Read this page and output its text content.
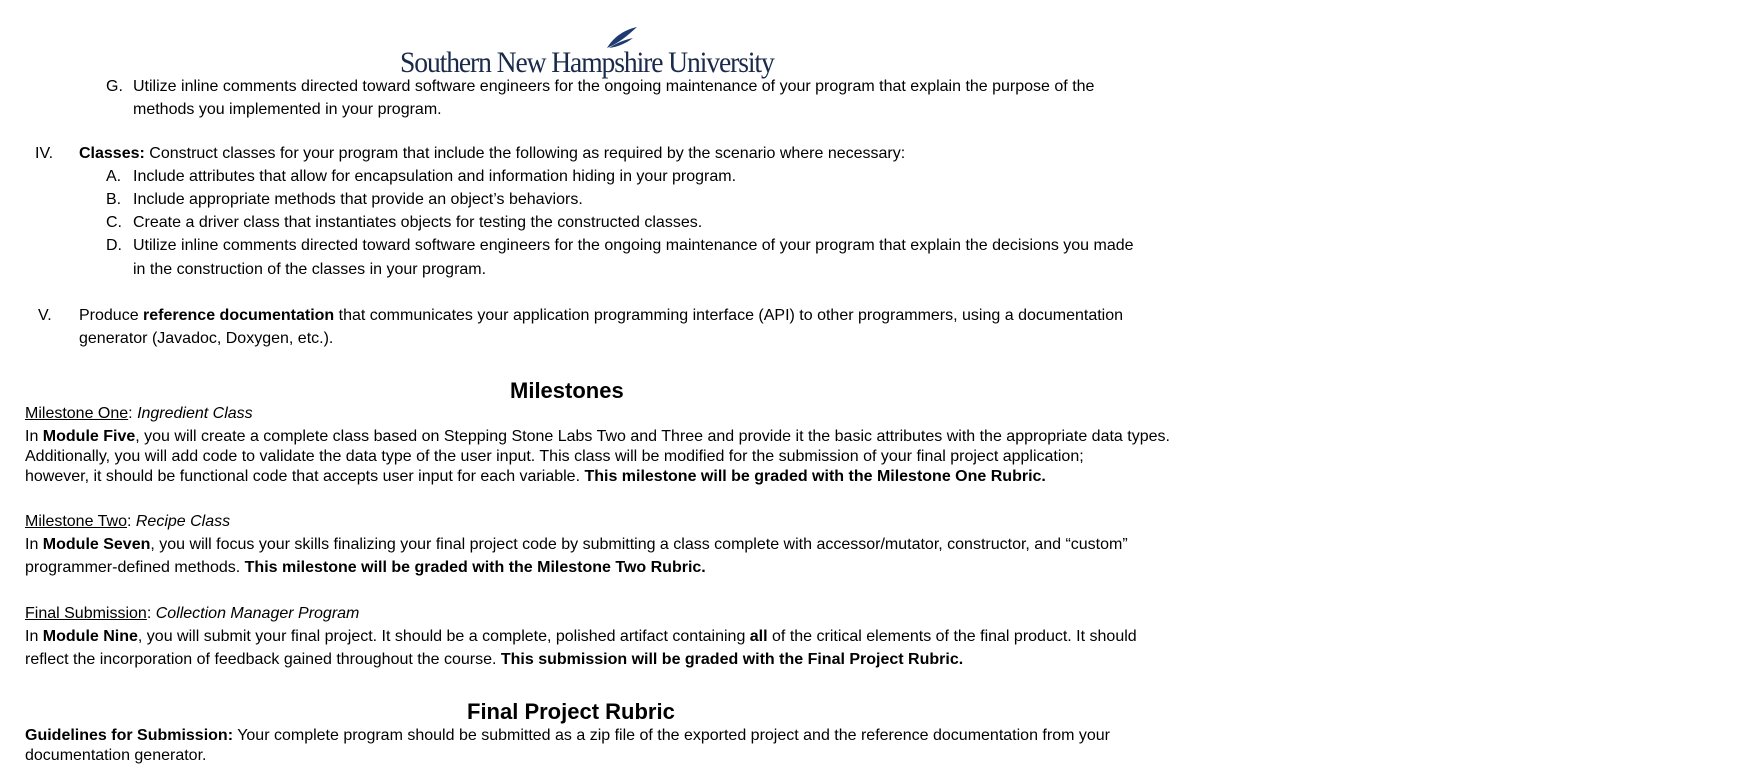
Southern New Hampshire University
G. Utilize inline comments directed toward software engineers for the ongoing maintenance of your program that explain the purpose of the
methods you implemented in your program.
IV. Classes: Construct classes for your program that include the following as required by the scenario where necessary:
A. Include attributes that allow for encapsulation and information hiding in your program.
B. Include appropriate methods that provide an object’s behaviors.
C. Create a driver class that instantiates objects for testing the constructed classes.
D. Utilize inline comments directed toward software engineers for the ongoing maintenance of your program that explain the decisions you made
in the construction of the classes in your program.
V. Produce reference documentation that communicates your application programming interface (API) to other programmers, using a documentation
generator (Javadoc, Doxygen, etc.).
Milestones
Milestone One: Ingredient Class
In Module Five, you will create a complete class based on Stepping Stone Labs Two and Three and provide it the basic attributes with the appropriate data types.
Additionally, you will add code to validate the data type of the user input. This class will be modified for the submission of your final project application;
however, it should be functional code that accepts user input for each variable. This milestone will be graded with the Milestone One Rubric.
Milestone Two: Recipe Class
In Module Seven, you will focus your skills finalizing your final project code by submitting a class complete with accessor/mutator, constructor, and “custom”
programmer-defined methods. This milestone will be graded with the Milestone Two Rubric.
Final Submission: Collection Manager Program
In Module Nine, you will submit your final project. It should be a complete, polished artifact containing all of the critical elements of the final product. It should
reflect the incorporation of feedback gained throughout the course. This submission will be graded with the Final Project Rubric.
Final Project Rubric
Guidelines for Submission: Your complete program should be submitted as a zip file of the exported project and the reference documentation from your
documentation generator.
